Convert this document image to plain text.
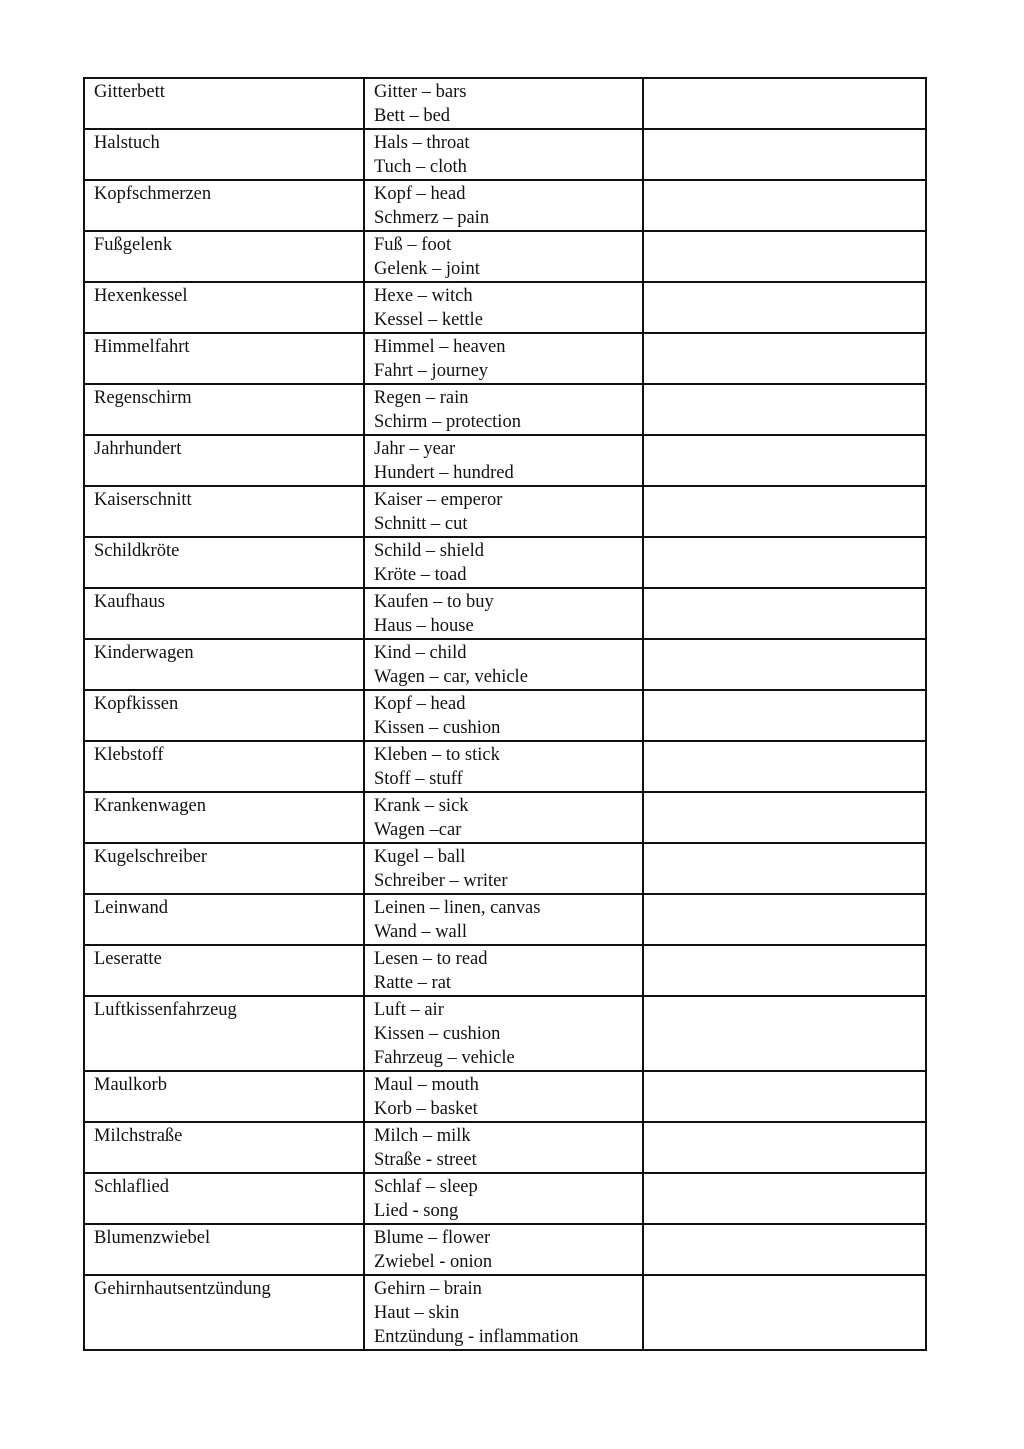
Gitterbett	Gitter – bars
Bett – bed	

Halstuch	Hals – throat
Tuch – cloth	

Kopfschmerzen	Kopf – head
Schmerz – pain	

Fußgelenk	Fuß – foot
Gelenk – joint	

Hexenkessel	Hexe – witch
Kessel – kettle	

Himmelfahrt	Himmel – heaven
Fahrt – journey	

Regenschirm	Regen – rain
Schirm – protection	

Jahrhundert	Jahr – year
Hundert – hundred	

Kaiserschnitt	Kaiser – emperor
Schnitt – cut	

Schildkröte	Schild – shield
Kröte – toad	

Kaufhaus	Kaufen – to buy
Haus – house	

Kinderwagen	Kind – child
Wagen – car, vehicle	

Kopfkissen	Kopf – head
Kissen – cushion	

Klebstoff	Kleben – to stick
Stoff – stuff	

Krankenwagen	Krank – sick
Wagen –car	

Kugelschreiber	Kugel – ball
Schreiber – writer	

Leinwand	Leinen – linen, canvas
Wand – wall	

Leseratte	Lesen – to read
Ratte – rat	

Luftkissenfahrzeug	Luft – air
Kissen – cushion
Fahrzeug – vehicle	

Maulkorb	Maul – mouth
Korb – basket	

Milchstraße	Milch – milk
Straße - street	

Schlaflied	Schlaf – sleep
Lied - song	

Blumenzwiebel	Blume – flower
Zwiebel - onion	

Gehirnhautsentzündung	Gehirn – brain
Haut – skin
Entzündung - inflammation	
